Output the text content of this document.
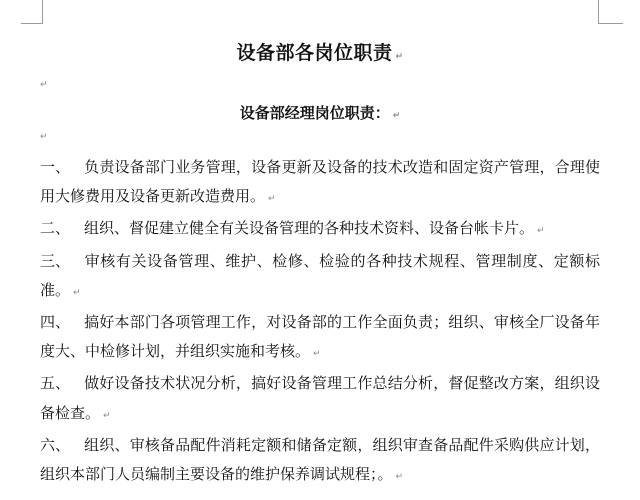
设备部各岗位职责 ↵
↵
设备部经理岗位职责： ↵
↵

一、 负责设备部门业务管理，设备更新及设备的技术改造和固定资产管理，合理使用大修费用及设备更新改造费用。 ↵

二、 组织、督促建立健全有关设备管理的各种技术资料、设备台帐卡片。 ↵

三、 审核有关设备管理、维护、检修、检验的各种技术规程、管理制度、定额标准。 ↵

四、 搞好本部门各项管理工作，对设备部的工作全面负责；组织、审核全厂设备年度大、中检修计划，并组织实施和考核。 ↵

五、 做好设备技术状况分析，搞好设备管理工作总结分析，督促整改方案，组织设备检查。 ↵

六、 组织、审核备品配件消耗定额和储备定额，组织审查备品配件采购供应计划，组织本部门人员编制主要设备的维护保养调试规程；。 ↵
